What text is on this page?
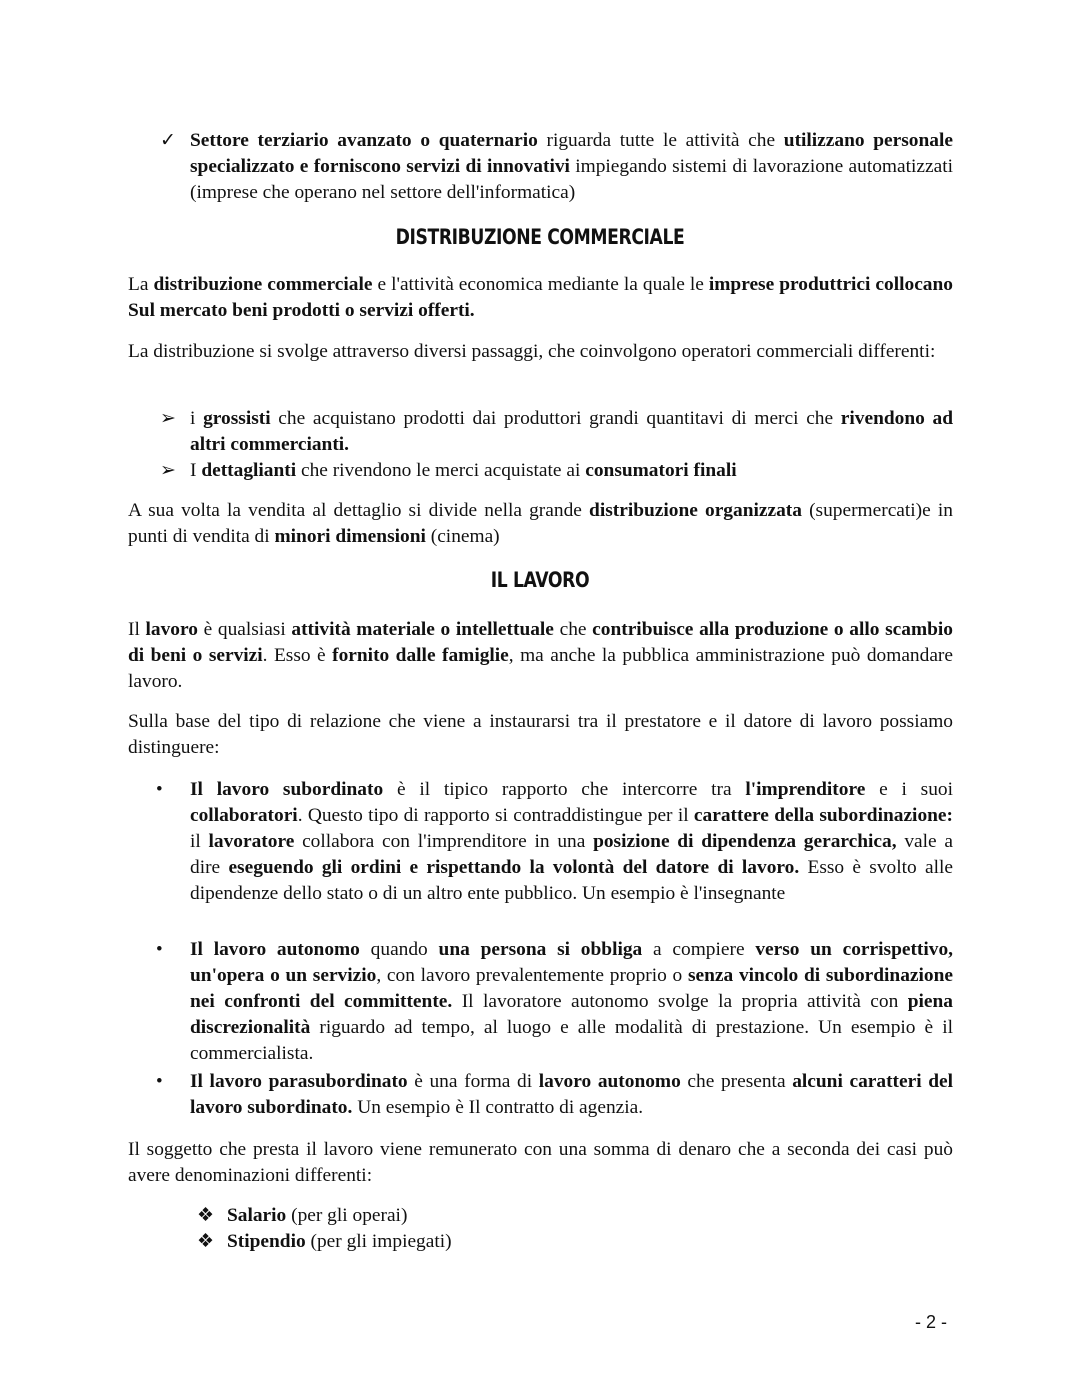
✓ Settore terziario avanzato o quaternario riguarda tutte le attività che utilizzano personale specializzato e forniscono servizi di innovativi impiegando sistemi di lavorazione automatizzati (imprese che operano nel settore dell'informatica)
DISTRIBUZIONE COMMERCIALE
La distribuzione commerciale e l'attività economica mediante la quale le imprese produttrici collocano Sul mercato beni prodotti o servizi offerti.
La distribuzione si svolge attraverso diversi passaggi, che coinvolgono operatori commerciali differenti:
➢ i grossisti che acquistano prodotti dai produttori grandi quantitavi di merci che rivendono ad altri commercianti.
➢ I dettaglianti che rivendono le merci acquistate ai consumatori finali
A sua volta la vendita al dettaglio si divide nella grande distribuzione organizzata (supermercati)e in punti di vendita di minori dimensioni (cinema)
IL LAVORO
Il lavoro è qualsiasi attività materiale o intellettuale che contribuisce alla produzione o allo scambio di beni o servizi. Esso è fornito dalle famiglie, ma anche la pubblica amministrazione può domandare lavoro.
Sulla base del tipo di relazione che viene a instaurarsi tra il prestatore e il datore di lavoro possiamo distinguere:
• Il lavoro subordinato è il tipico rapporto che intercorre tra l'imprenditore e i suoi collaboratori. Questo tipo di rapporto si contraddistingue per il carattere della subordinazione: il lavoratore collabora con l'imprenditore in una posizione di dipendenza gerarchica, vale a dire eseguendo gli ordini e rispettando la volontà del datore di lavoro. Esso è svolto alle dipendenze dello stato o di un altro ente pubblico. Un esempio è l'insegnante
• Il lavoro autonomo quando una persona si obbliga a compiere verso un corrispettivo, un'opera o un servizio, con lavoro prevalentemente proprio o senza vincolo di subordinazione nei confronti del committente. Il lavoratore autonomo svolge la propria attività con piena discrezionalità riguardo ad tempo, al luogo e alle modalità di prestazione. Un esempio è il commercialista.
• Il lavoro parasubordinato è una forma di lavoro autonomo che presenta alcuni caratteri del lavoro subordinato. Un esempio è Il contratto di agenzia.
Il soggetto che presta il lavoro viene remunerato con una somma di denaro che a seconda dei casi può avere denominazioni differenti:
❖ Salario (per gli operai)
❖ Stipendio (per gli impiegati)
- 2 -
